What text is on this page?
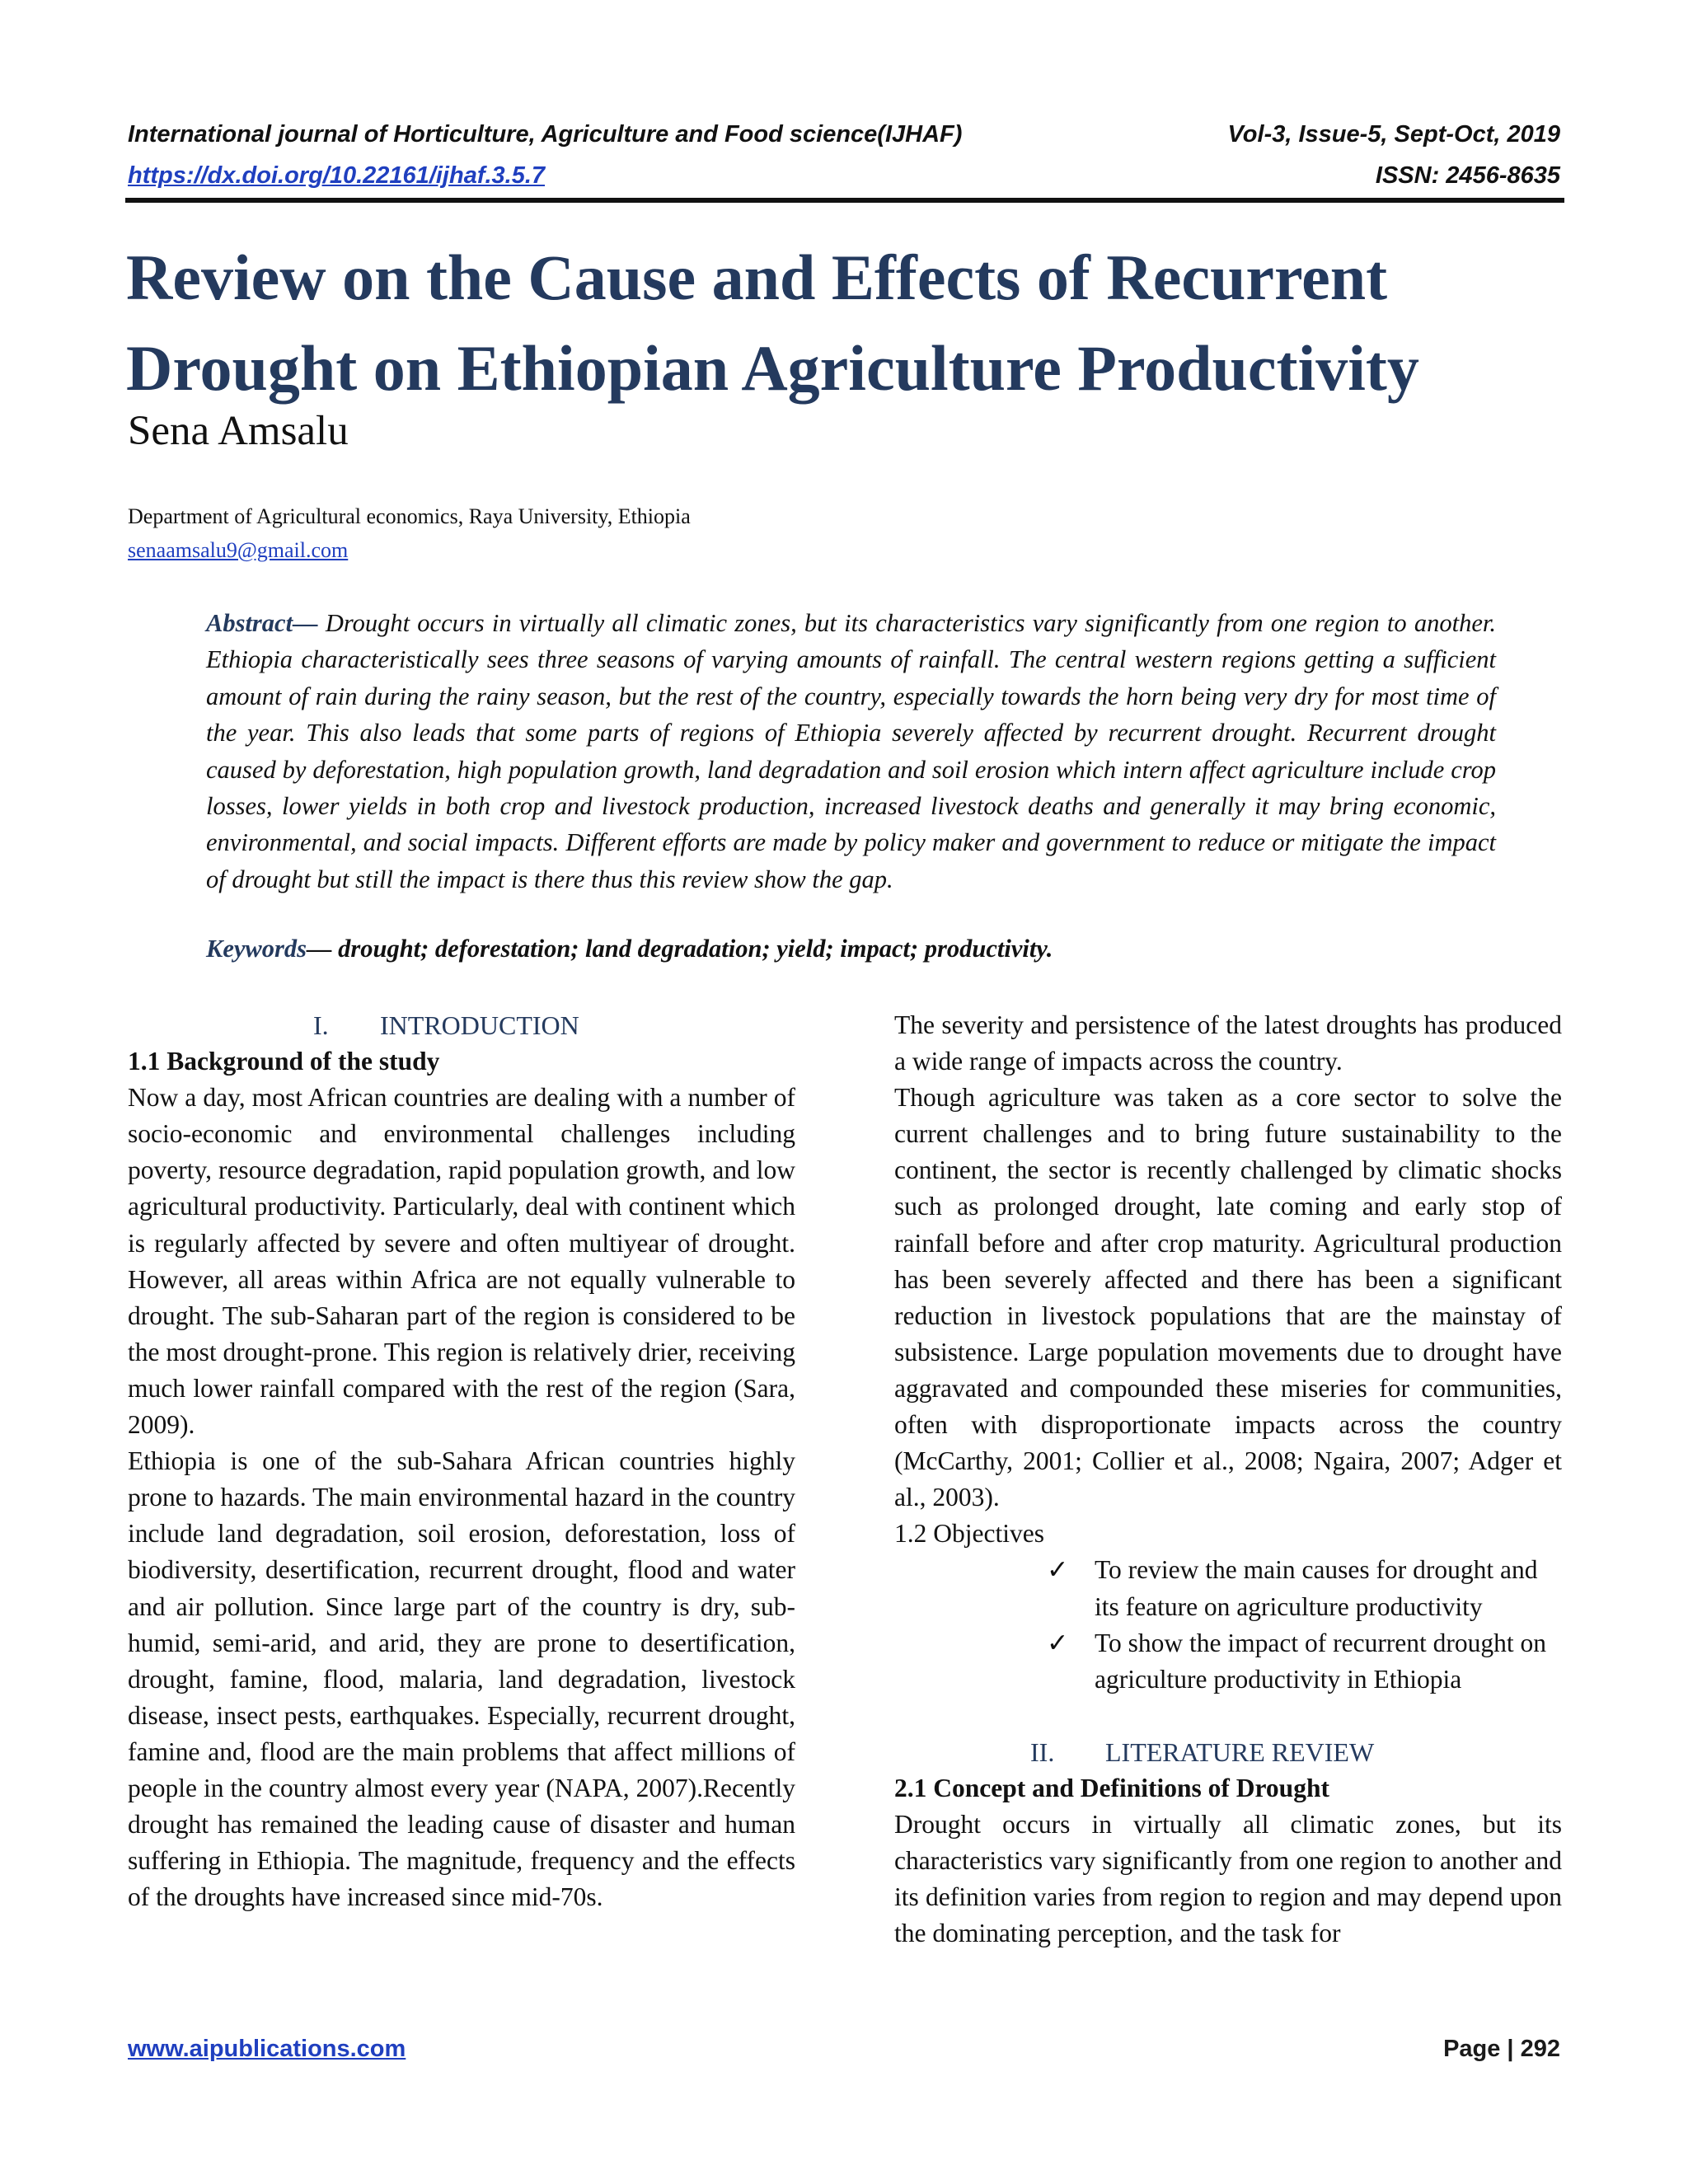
International journal of Horticulture, Agriculture and Food science(IJHAF)	Vol-3, Issue-5, Sept-Oct, 2019
https://dx.doi.org/10.22161/ijhaf.3.5.7	ISSN: 2456-8635
Review on the Cause and Effects of Recurrent
Drought on Ethiopian Agriculture Productivity
Sena Amsalu
Department of Agricultural economics, Raya University, Ethiopia
senaamsalu9@gmail.com

Abstract— Drought occurs in virtually all climatic zones, but its characteristics vary significantly from one region to another. Ethiopia characteristically sees three seasons of varying amounts of rainfall. The central western regions getting a sufficient amount of rain during the rainy season, but the rest of the country, especially towards the horn being very dry for most time of the year. This also leads that some parts of regions of Ethiopia severely affected by recurrent drought. Recurrent drought caused by deforestation, high population growth, land degradation and soil erosion which intern affect agriculture include crop losses, lower yields in both crop and livestock production, increased livestock deaths and generally it may bring economic, environmental, and social impacts. Different efforts are made by policy maker and government to reduce or mitigate the impact of drought but still the impact is there thus this review show the gap.

Keywords— drought; deforestation; land degradation; yield; impact; productivity.
I. INTRODUCTION
1.1 Background of the study

Now a day, most African countries are dealing with a number of socio-economic and environmental challenges including poverty, resource degradation, rapid population growth, and low agricultural productivity. Particularly, deal with continent which is regularly affected by severe and often multiyear of drought. However, all areas within Africa are not equally vulnerable to drought. The sub-Saharan part of the region is considered to be the most drought-prone. This region is relatively drier, receiving much lower rainfall compared with the rest of the region (Sara, 2009).

Ethiopia is one of the sub-Sahara African countries highly prone to hazards. The main environmental hazard in the country include land degradation, soil erosion, deforestation, loss of biodiversity, desertification, recurrent drought, flood and water and air pollution. Since large part of the country is dry, sub-humid, semi-arid, and arid, they are prone to desertification, drought, famine, flood, malaria, land degradation, livestock disease, insect pests, earthquakes. Especially, recurrent drought, famine and, flood are the main problems that affect millions of people in the country almost every year (NAPA, 2007).Recently drought has remained the leading cause of disaster and human suffering in Ethiopia. The magnitude, frequency and the effects of the droughts have increased since mid-70s.

The severity and persistence of the latest droughts has produced a wide range of impacts across the country.

Though agriculture was taken as a core sector to solve the current challenges and to bring future sustainability to the continent, the sector is recently challenged by climatic shocks such as prolonged drought, late coming and early stop of rainfall before and after crop maturity. Agricultural production has been severely affected and there has been a significant reduction in livestock populations that are the mainstay of subsistence. Large population movements due to drought have aggravated and compounded these miseries for communities, often with disproportionate impacts across the country (McCarthy, 2001; Collier et al., 2008; Ngaira, 2007; Adger et al., 2003).

1.2 Objectives
✓ To review the main causes for drought and its feature on agriculture productivity
✓ To show the impact of recurrent drought on agriculture productivity in Ethiopia
II. LITERATURE REVIEW
2.1 Concept and Definitions of Drought

Drought occurs in virtually all climatic zones, but its characteristics vary significantly from one region to another and its definition varies from region to region and may depend upon the dominating perception, and the task for

www.aipublications.com	Page | 292
